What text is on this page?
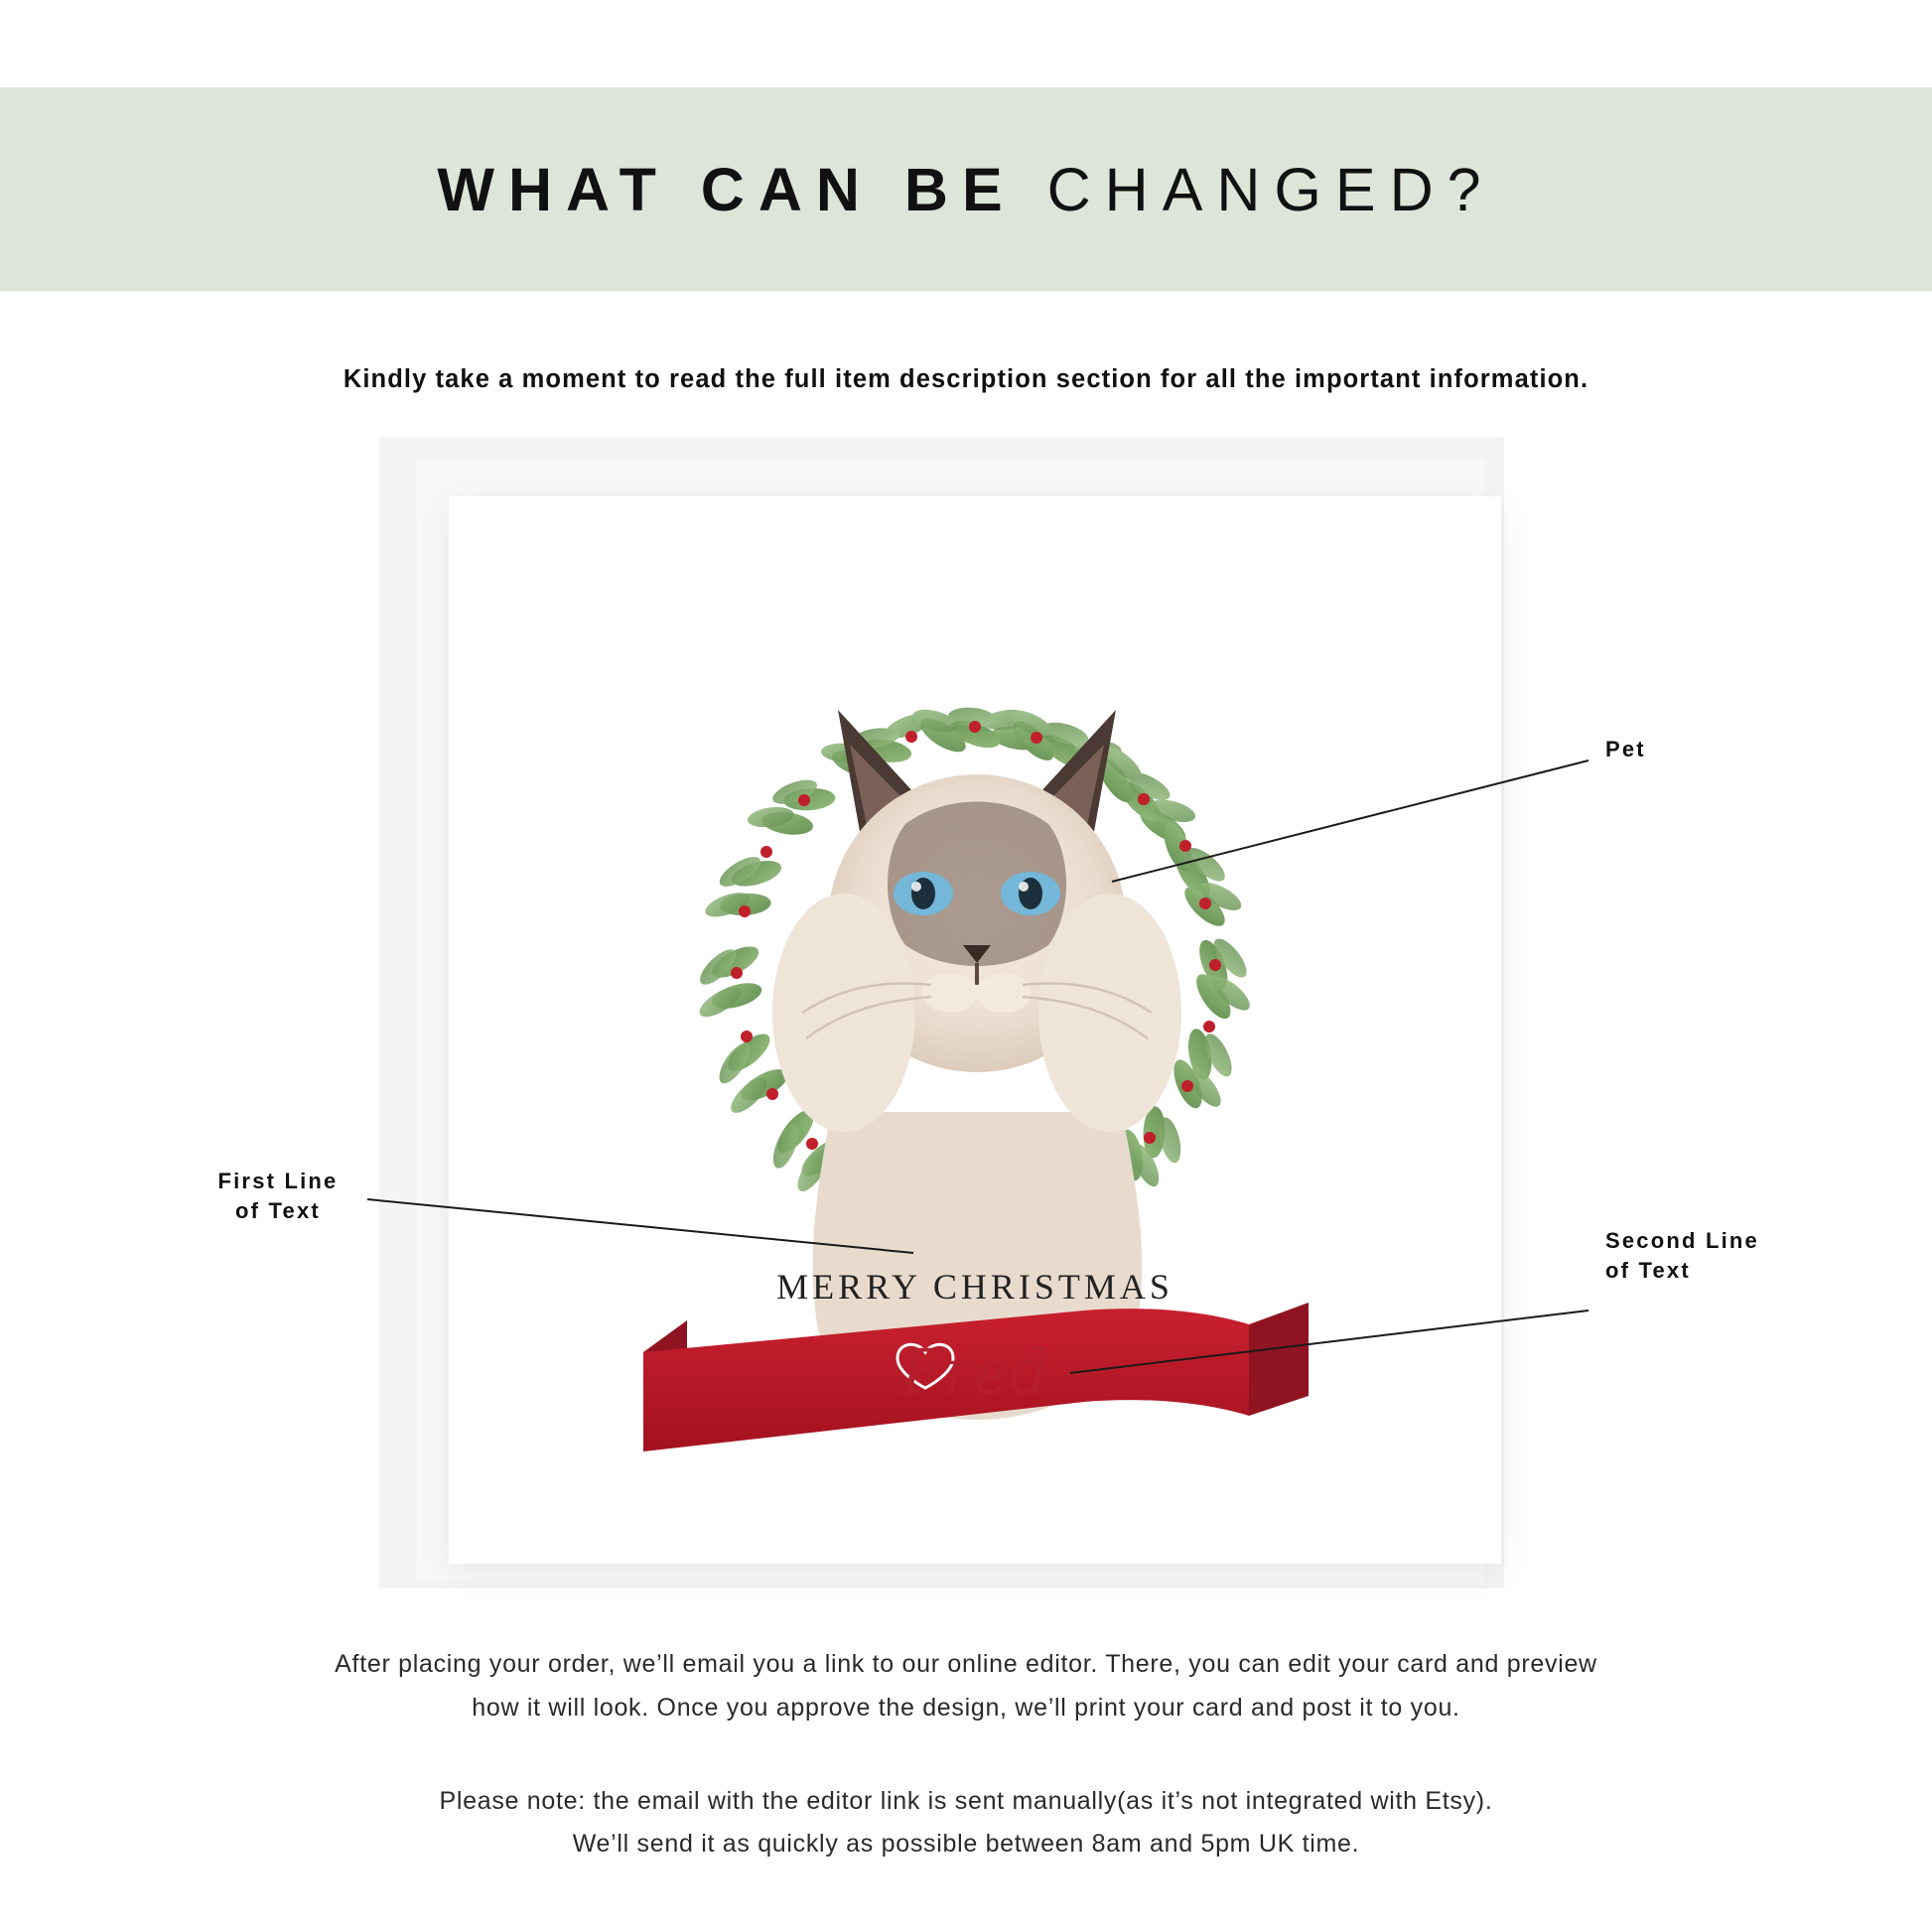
WHAT CAN BE CHANGED?
Kindly take a moment to read the full item description section for all the important information.
MERRY CHRISTMAS
Fred
Pet
First Line
of Text
Second Line
of Text

After placing your order, we’ll email you a link to our online editor. There, you can edit your card and preview

how it will look. Once you approve the design, we’ll print your card and post it to you.

Please note: the email with the editor link is sent manually(as it’s not integrated with Etsy).

We’ll send it as quickly as possible between 8am and 5pm UK time.
